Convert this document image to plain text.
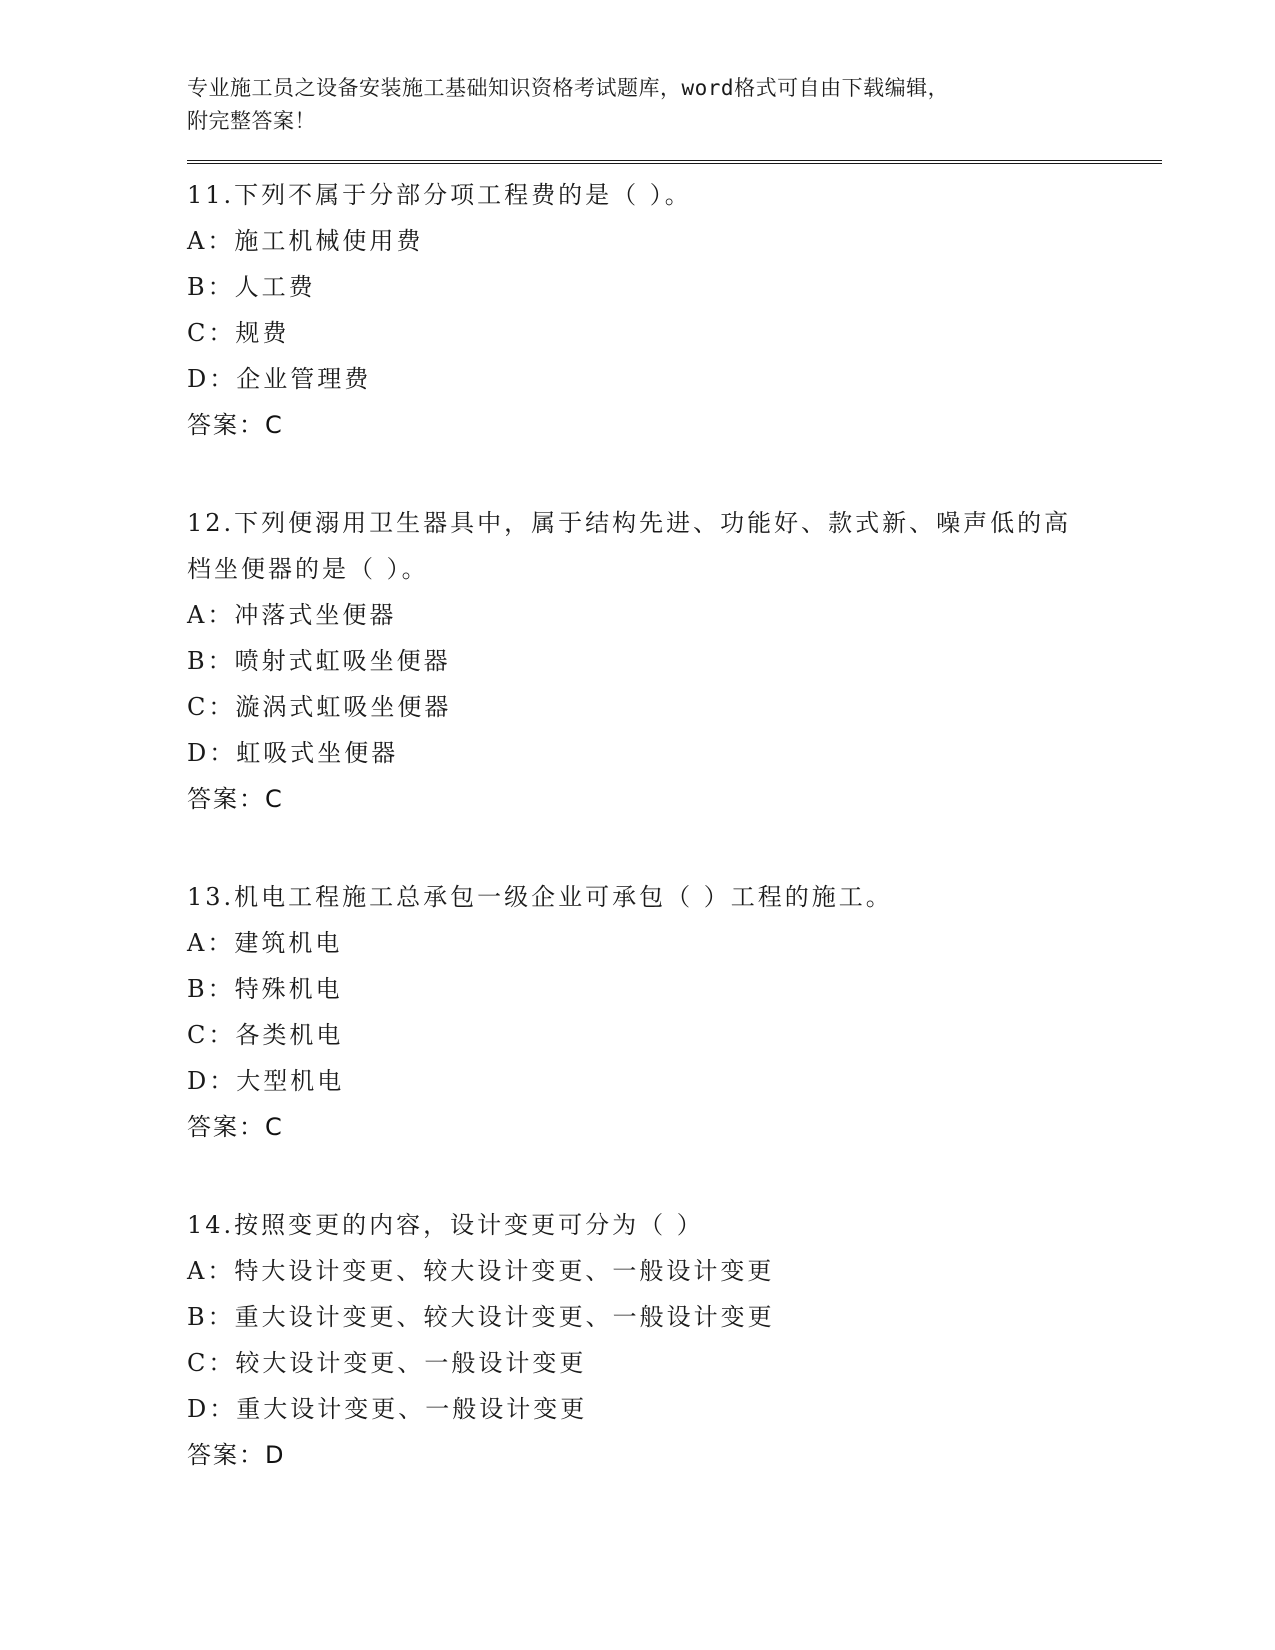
专业施工员之设备安装施工基础知识资格考试题库，word格式可自由下载编辑，
附完整答案！
11.下列不属于分部分项工程费的是（ ）。
A：施工机械使用费
B：人工费
C：规费
D：企业管理费
答案：C
12.下列便溺用卫生器具中，属于结构先进、功能好、款式新、噪声低的高档坐便器的是（ ）。
A：冲落式坐便器
B：喷射式虹吸坐便器
C：漩涡式虹吸坐便器
D：虹吸式坐便器
答案：C
13.机电工程施工总承包一级企业可承包（ ）工程的施工。
A：建筑机电
B：特殊机电
C：各类机电
D：大型机电
答案：C
14.按照变更的内容，设计变更可分为（ ）
A：特大设计变更、较大设计变更、一般设计变更
B：重大设计变更、较大设计变更、一般设计变更
C：较大设计变更、一般设计变更
D：重大设计变更、一般设计变更
答案：D
